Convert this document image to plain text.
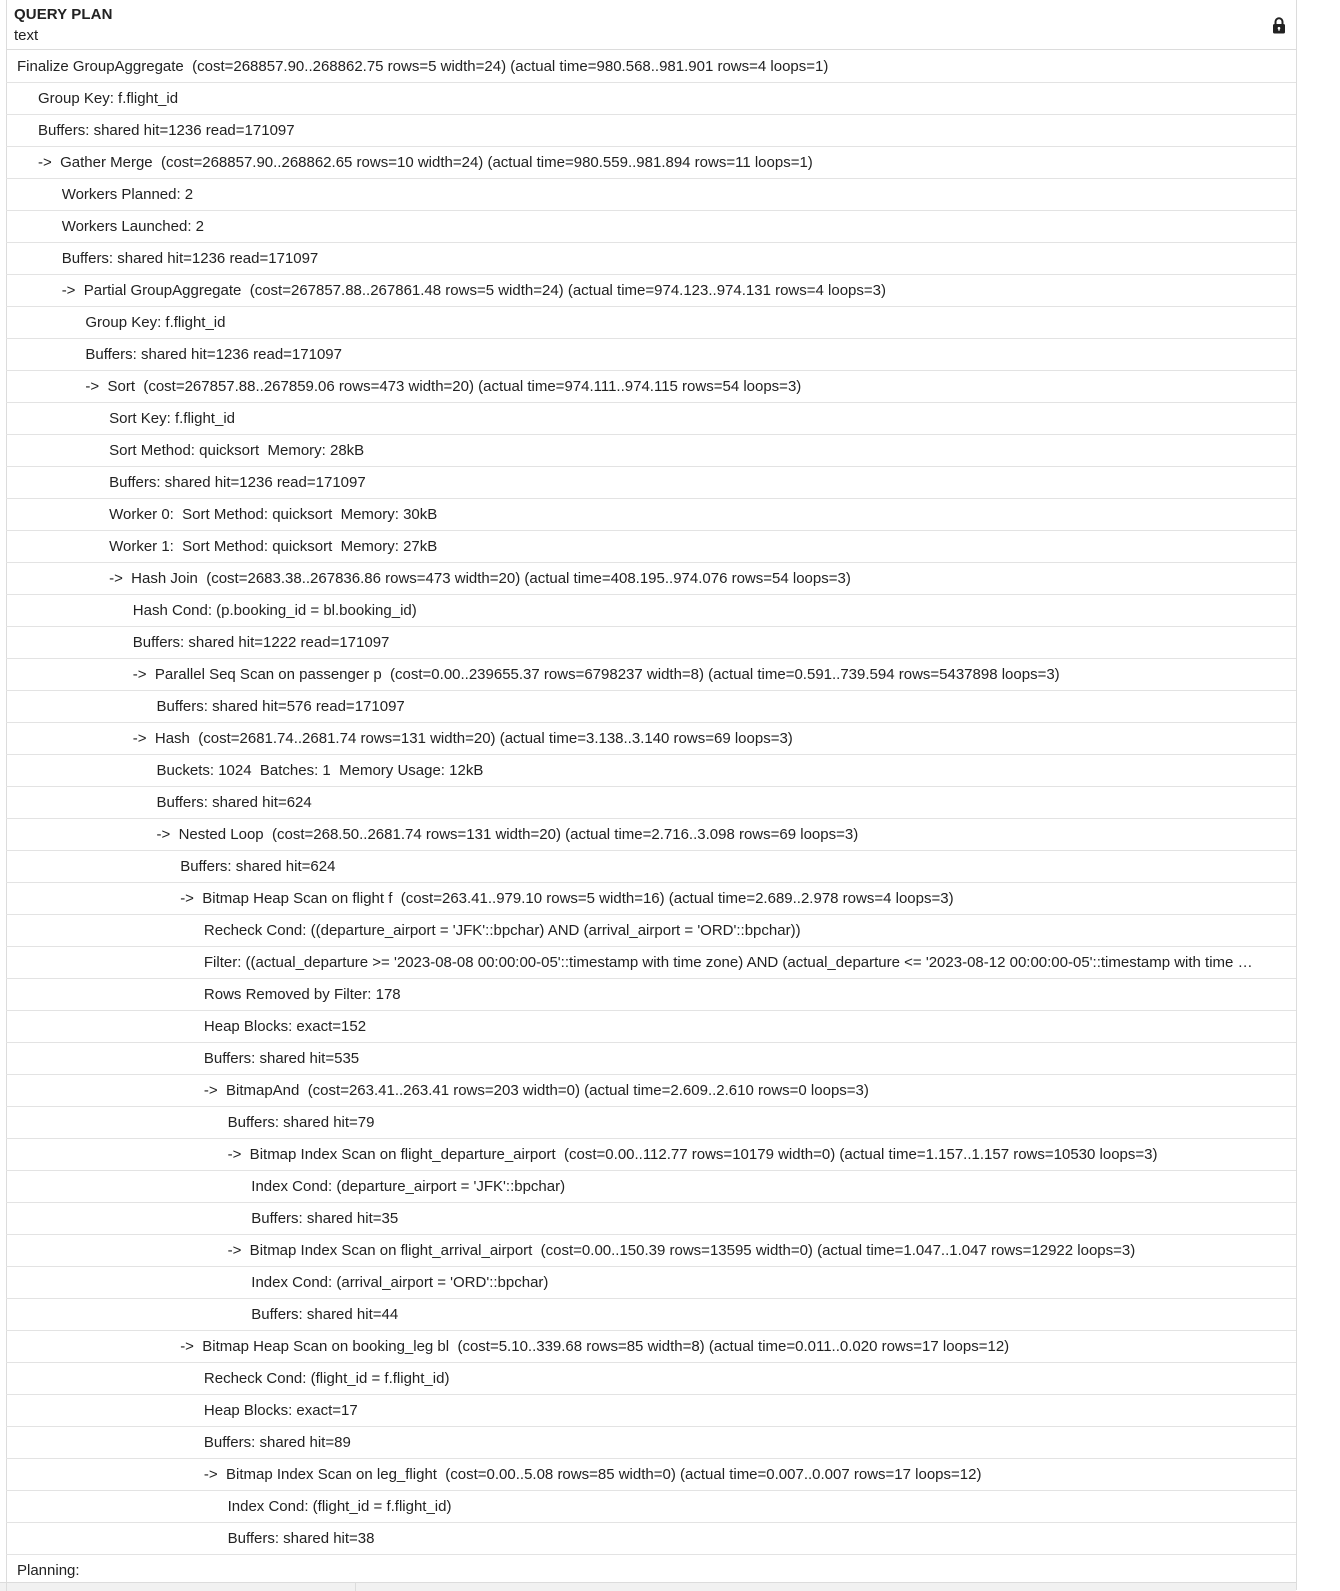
QUERY PLAN
text
Finalize GroupAggregate  (cost=268857.90..268862.75 rows=5 width=24) (actual time=980.568..981.901 rows=4 loops=1)
Group Key: f.flight_id
Buffers: shared hit=1236 read=171097
->  Gather Merge  (cost=268857.90..268862.65 rows=10 width=24) (actual time=980.559..981.894 rows=11 loops=1)
Workers Planned: 2
Workers Launched: 2
Buffers: shared hit=1236 read=171097
->  Partial GroupAggregate  (cost=267857.88..267861.48 rows=5 width=24) (actual time=974.123..974.131 rows=4 loops=3)
Group Key: f.flight_id
Buffers: shared hit=1236 read=171097
->  Sort  (cost=267857.88..267859.06 rows=473 width=20) (actual time=974.111..974.115 rows=54 loops=3)
Sort Key: f.flight_id
Sort Method: quicksort  Memory: 28kB
Buffers: shared hit=1236 read=171097
Worker 0:  Sort Method: quicksort  Memory: 30kB
Worker 1:  Sort Method: quicksort  Memory: 27kB
->  Hash Join  (cost=2683.38..267836.86 rows=473 width=20) (actual time=408.195..974.076 rows=54 loops=3)
Hash Cond: (p.booking_id = bl.booking_id)
Buffers: shared hit=1222 read=171097
->  Parallel Seq Scan on passenger p  (cost=0.00..239655.37 rows=6798237 width=8) (actual time=0.591..739.594 rows=5437898 loops=3)
Buffers: shared hit=576 read=171097
->  Hash  (cost=2681.74..2681.74 rows=131 width=20) (actual time=3.138..3.140 rows=69 loops=3)
Buckets: 1024  Batches: 1  Memory Usage: 12kB
Buffers: shared hit=624
->  Nested Loop  (cost=268.50..2681.74 rows=131 width=20) (actual time=2.716..3.098 rows=69 loops=3)
Buffers: shared hit=624
->  Bitmap Heap Scan on flight f  (cost=263.41..979.10 rows=5 width=16) (actual time=2.689..2.978 rows=4 loops=3)
Recheck Cond: ((departure_airport = 'JFK'::bpchar) AND (arrival_airport = 'ORD'::bpchar))
Filter: ((actual_departure >= '2023-08-08 00:00:00-05'::timestamp with time zone) AND (actual_departure <= '2023-08-12 00:00:00-05'::timestamp with time …
Rows Removed by Filter: 178
Heap Blocks: exact=152
Buffers: shared hit=535
->  BitmapAnd  (cost=263.41..263.41 rows=203 width=0) (actual time=2.609..2.610 rows=0 loops=3)
Buffers: shared hit=79
->  Bitmap Index Scan on flight_departure_airport  (cost=0.00..112.77 rows=10179 width=0) (actual time=1.157..1.157 rows=10530 loops=3)
Index Cond: (departure_airport = 'JFK'::bpchar)
Buffers: shared hit=35
->  Bitmap Index Scan on flight_arrival_airport  (cost=0.00..150.39 rows=13595 width=0) (actual time=1.047..1.047 rows=12922 loops=3)
Index Cond: (arrival_airport = 'ORD'::bpchar)
Buffers: shared hit=44
->  Bitmap Heap Scan on booking_leg bl  (cost=5.10..339.68 rows=85 width=8) (actual time=0.011..0.020 rows=17 loops=12)
Recheck Cond: (flight_id = f.flight_id)
Heap Blocks: exact=17
Buffers: shared hit=89
->  Bitmap Index Scan on leg_flight  (cost=0.00..5.08 rows=85 width=0) (actual time=0.007..0.007 rows=17 loops=12)
Index Cond: (flight_id = f.flight_id)
Buffers: shared hit=38
Planning:
